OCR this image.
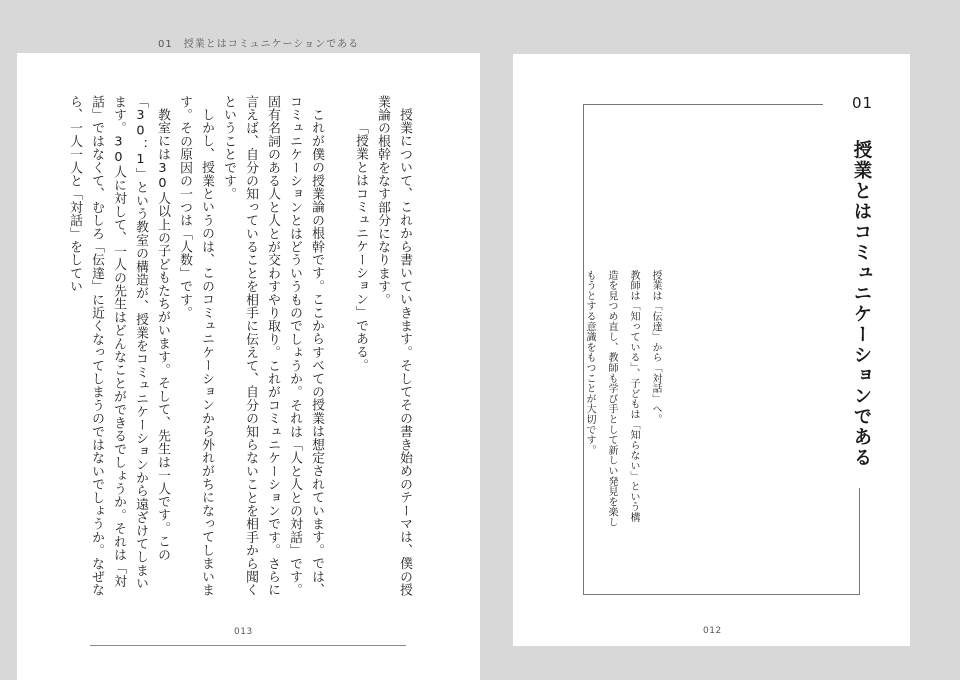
01　授業とはコミュニケーションである

授業について、これから書いていきます。そしてその書き始めのテーマは、僕の授業論の根幹をなす部分になります。

「授業とはコミュニケーション」である。

これが僕の授業論の根幹です。ここからすべての授業は想定されています。では、コミュニケーションとはどういうものでしょうか。それは「人と人との対話」です。固有名詞のある人と人とが交わすやり取り。これがコミュニケーションです。さらに言えば、自分の知っていることを相手に伝えて、自分の知らないことを相手から聞くということです。

しかし、授業というのは、このコミュニケーションから外れがちになってしまいます。その原因の一つは「人数」です。

教室には30人以上の子どもたちがいます。そして、先生は一人です。この「30：1」という教室の構造が、授業をコミュニケーションから遠ざけてしまいます。30人に対して、一人の先生はどんなことができるでしょうか。それは「対話」ではなくて、むしろ「伝達」に近くなってしまうのではないでしょうか。なぜなら、一人一人と「対話」をしてい

013
01
授業とはコミュニケーションである
授業は「伝達」から「対話」へ。
教師は「知っている」、子どもは「知らない」という構
造を見つめ直し、教師も学び手として新しい発見を楽し
もうとする意識をもつことが大切です。
012
